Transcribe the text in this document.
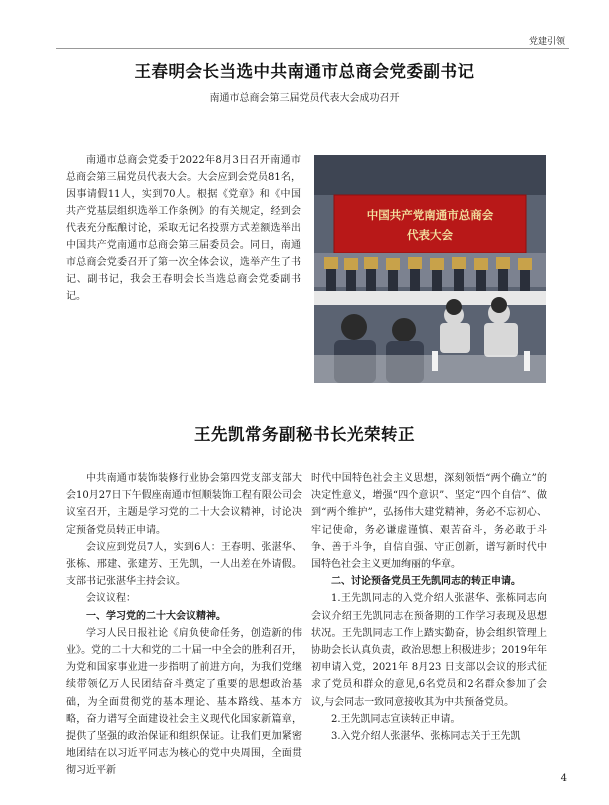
党建引领
王春明会长当选中共南通市总商会党委副书记
南通市总商会第三届党员代表大会成功召开

南通市总商会党委于2022年8月3日召开南通市总商会第三届党员代表大会。大会应到会党员81名，因事请假11人，实到70人。根据《党章》和《中国共产党基层组织选举工作条例》的有关规定，经到会代表充分酝酿讨论，采取无记名投票方式差额选举出中国共产党南通市总商会第三届委员会。同日，南通市总商会党委召开了第一次全体会议，选举产生了书记、副书记，我会王春明会长当选总商会党委副书记。

中国共产党南通市总商会
代表大会
王先凯常务副秘书长光荣转正

中共南通市装饰装修行业协会第四党支部支部大会10月27日下午假座南通市恒顺装饰工程有限公司会议室召开，主题是学习党的二十大会议精神，讨论决定预备党员转正申请。

会议应到党员7人，实到6人：王春明、张湛华、张栋、邢建、张建芳、王先凯，一人出差在外请假。支部书记张湛华主持会议。

会议议程：

一、学习党的二十大会议精神。

学习人民日报社论《肩负使命任务，创造新的伟业》。党的二十大和党的二十届一中全会的胜利召开，为党和国家事业进一步指明了前进方向，为我们党继续带领亿万人民团结奋斗奠定了重要的思想政治基础，为全面贯彻党的基本理论、基本路线、基本方略，奋力谱写全面建设社会主义现代化国家新篇章，提供了坚强的政治保证和组织保证。让我们更加紧密地团结在以习近平同志为核心的党中央周围，全面贯彻习近平新

时代中国特色社会主义思想，深刻领悟“两个确立”的决定性意义，增强“四个意识”、坚定“四个自信”、做到“两个维护”，弘扬伟大建党精神，务必不忘初心、牢记使命，务必谦虚谨慎、艰苦奋斗，务必敢于斗争、善于斗争，自信自强、守正创新，谱写新时代中国特色社会主义更加绚丽的华章。

二、讨论预备党员王先凯同志的转正申请。

1.王先凯同志的入党介绍人张湛华、张栋同志向会议介绍王先凯同志在预备期的工作学习表现及思想状况。王先凯同志工作上踏实勤奋，协会组织管理上协助会长认真负责，政治思想上积极进步；2019年年初申请入党，2021年 8月23 日支部以会议的形式征求了党员和群众的意见,6名党员和2名群众参加了会议,与会同志一致同意接收其为中共预备党员。

2.王先凯同志宣读转正申请。

3.入党介绍人张湛华、张栋同志关于王先凯

4
